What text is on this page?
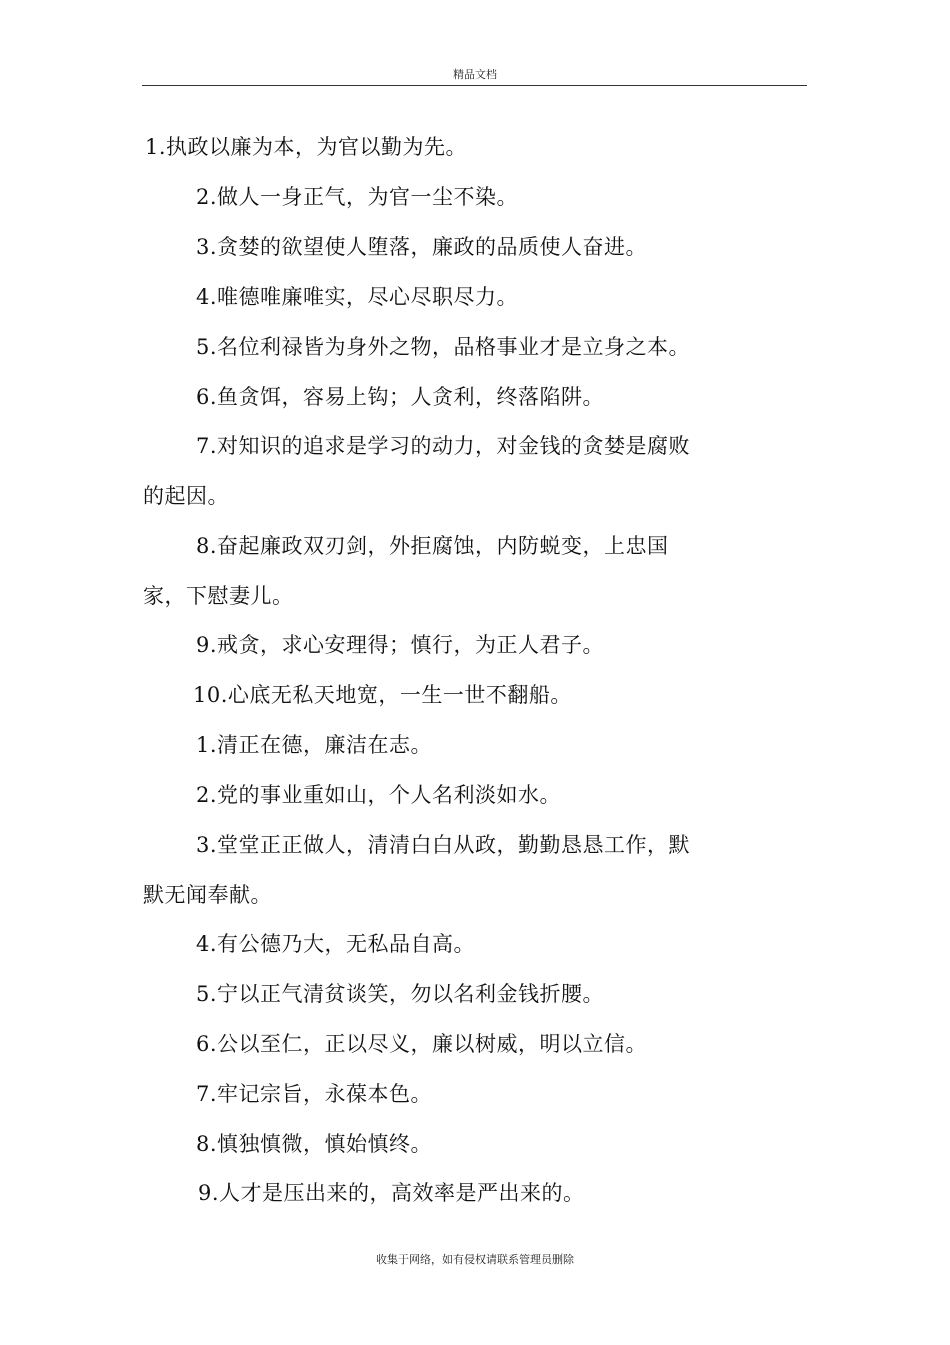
精品文档
1.执政以廉为本，为官以勤为先。
2.做人一身正气，为官一尘不染。
3.贪婪的欲望使人堕落，廉政的品质使人奋进。
4.唯德唯廉唯实，尽心尽职尽力。
5.名位利禄皆为身外之物，品格事业才是立身之本。
6.鱼贪饵，容易上钩；人贪利，终落陷阱。
7.对知识的追求是学习的动力，对金钱的贪婪是腐败
的起因。
8.奋起廉政双刃剑，外拒腐蚀，内防蜕变，上忠国
家，下慰妻儿。
9.戒贪，求心安理得；慎行，为正人君子。
10.心底无私天地宽，一生一世不翻船。
1.清正在德，廉洁在志。
2.党的事业重如山，个人名利淡如水。
3.堂堂正正做人，清清白白从政，勤勤恳恳工作，默
默无闻奉献。
4.有公德乃大，无私品自高。
5.宁以正气清贫谈笑，勿以名利金钱折腰。
6.公以至仁，正以尽义，廉以树威，明以立信。
7.牢记宗旨，永葆本色。
8.慎独慎微，慎始慎终。
9.人才是压出来的，高效率是严出来的。
收集于网络，如有侵权请联系管理员删除
